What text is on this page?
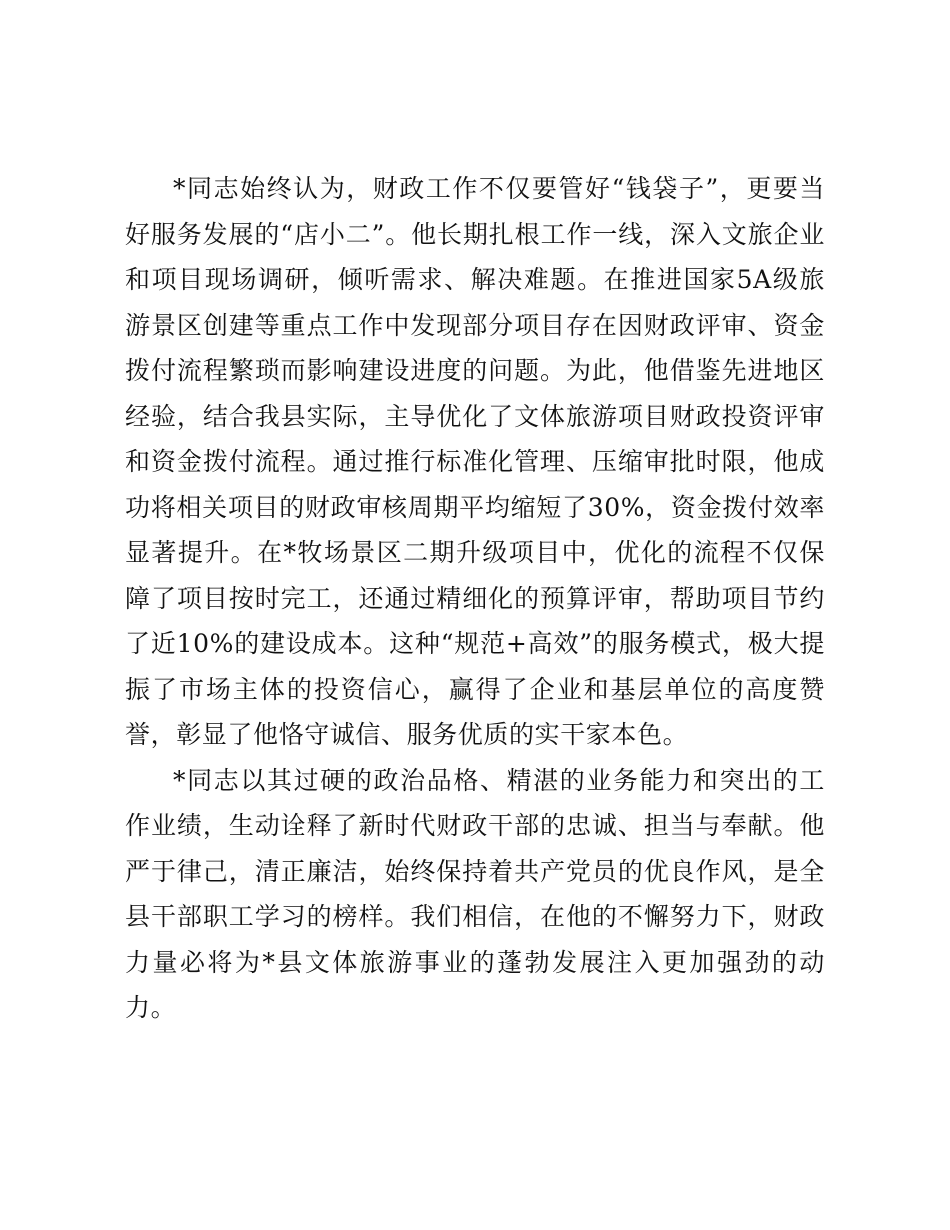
*同志始终认为，财政工作不仅要管好“钱袋子”，更要当好服务发展的“店小二”。他长期扎根工作一线，深入文旅企业和项目现场调研，倾听需求、解决难题。在推进国家5A级旅游景区创建等重点工作中发现部分项目存在因财政评审、资金拨付流程繁琐而影响建设进度的问题。为此，他借鉴先进地区经验，结合我县实际，主导优化了文体旅游项目财政投资评审和资金拨付流程。通过推行标准化管理、压缩审批时限，他成功将相关项目的财政审核周期平均缩短了30%，资金拨付效率显著提升。在*牧场景区二期升级项目中，优化的流程不仅保障了项目按时完工，还通过精细化的预算评审，帮助项目节约了近10%的建设成本。这种“规范+高效”的服务模式，极大提振了市场主体的投资信心，赢得了企业和基层单位的高度赞誉，彰显了他恪守诚信、服务优质的实干家本色。

*同志以其过硬的政治品格、精湛的业务能力和突出的工作业绩，生动诠释了新时代财政干部的忠诚、担当与奉献。他严于律己，清正廉洁，始终保持着共产党员的优良作风，是全县干部职工学习的榜样。我们相信，在他的不懈努力下，财政力量必将为*县文体旅游事业的蓬勃发展注入更加强劲的动力。
